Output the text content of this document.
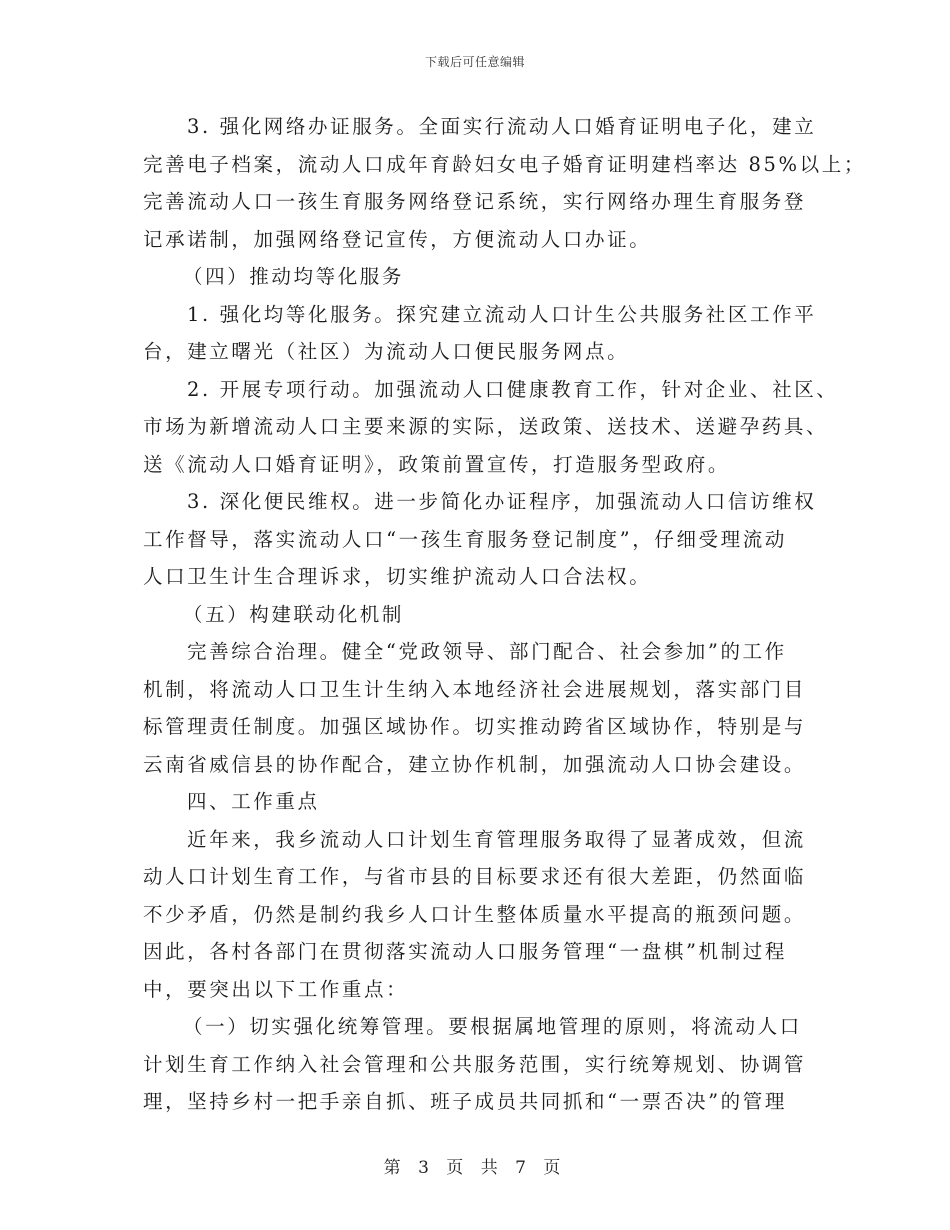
下载后可任意编辑

3. 强化网络办证服务。全面实行流动人口婚育证明电子化，建立
完善电子档案，流动人口成年育龄妇女电子婚育证明建档率达 85%以上；
完善流动人口一孩生育服务网络登记系统，实行网络办理生育服务登
记承诺制，加强网络登记宣传，方便流动人口办证。

（四）推动均等化服务

1. 强化均等化服务。探究建立流动人口计生公共服务社区工作平
台，建立曙光（社区）为流动人口便民服务网点。

2. 开展专项行动。加强流动人口健康教育工作，针对企业、社区、
市场为新增流动人口主要来源的实际，送政策、送技术、送避孕药具、
送《流动人口婚育证明》，政策前置宣传，打造服务型政府。

3. 深化便民维权。进一步简化办证程序，加强流动人口信访维权
工作督导，落实流动人口“一孩生育服务登记制度”，仔细受理流动
人口卫生计生合理诉求，切实维护流动人口合法权。

（五）构建联动化机制

完善综合治理。健全“党政领导、部门配合、社会参加”的工作
机制，将流动人口卫生计生纳入本地经济社会进展规划，落实部门目
标管理责任制度。加强区域协作。切实推动跨省区域协作，特别是与
云南省威信县的协作配合，建立协作机制，加强流动人口协会建设。

四、工作重点

近年来，我乡流动人口计划生育管理服务取得了显著成效，但流
动人口计划生育工作，与省市县的目标要求还有很大差距，仍然面临
不少矛盾，仍然是制约我乡人口计生整体质量水平提高的瓶颈问题。
因此，各村各部门在贯彻落实流动人口服务管理“一盘棋”机制过程
中，要突出以下工作重点：

（一）切实强化统筹管理。要根据属地管理的原则，将流动人口
计划生育工作纳入社会管理和公共服务范围，实行统筹规划、协调管
理，坚持乡村一把手亲自抓、班子成员共同抓和“一票否决”的管理

第 3 页 共 7 页
